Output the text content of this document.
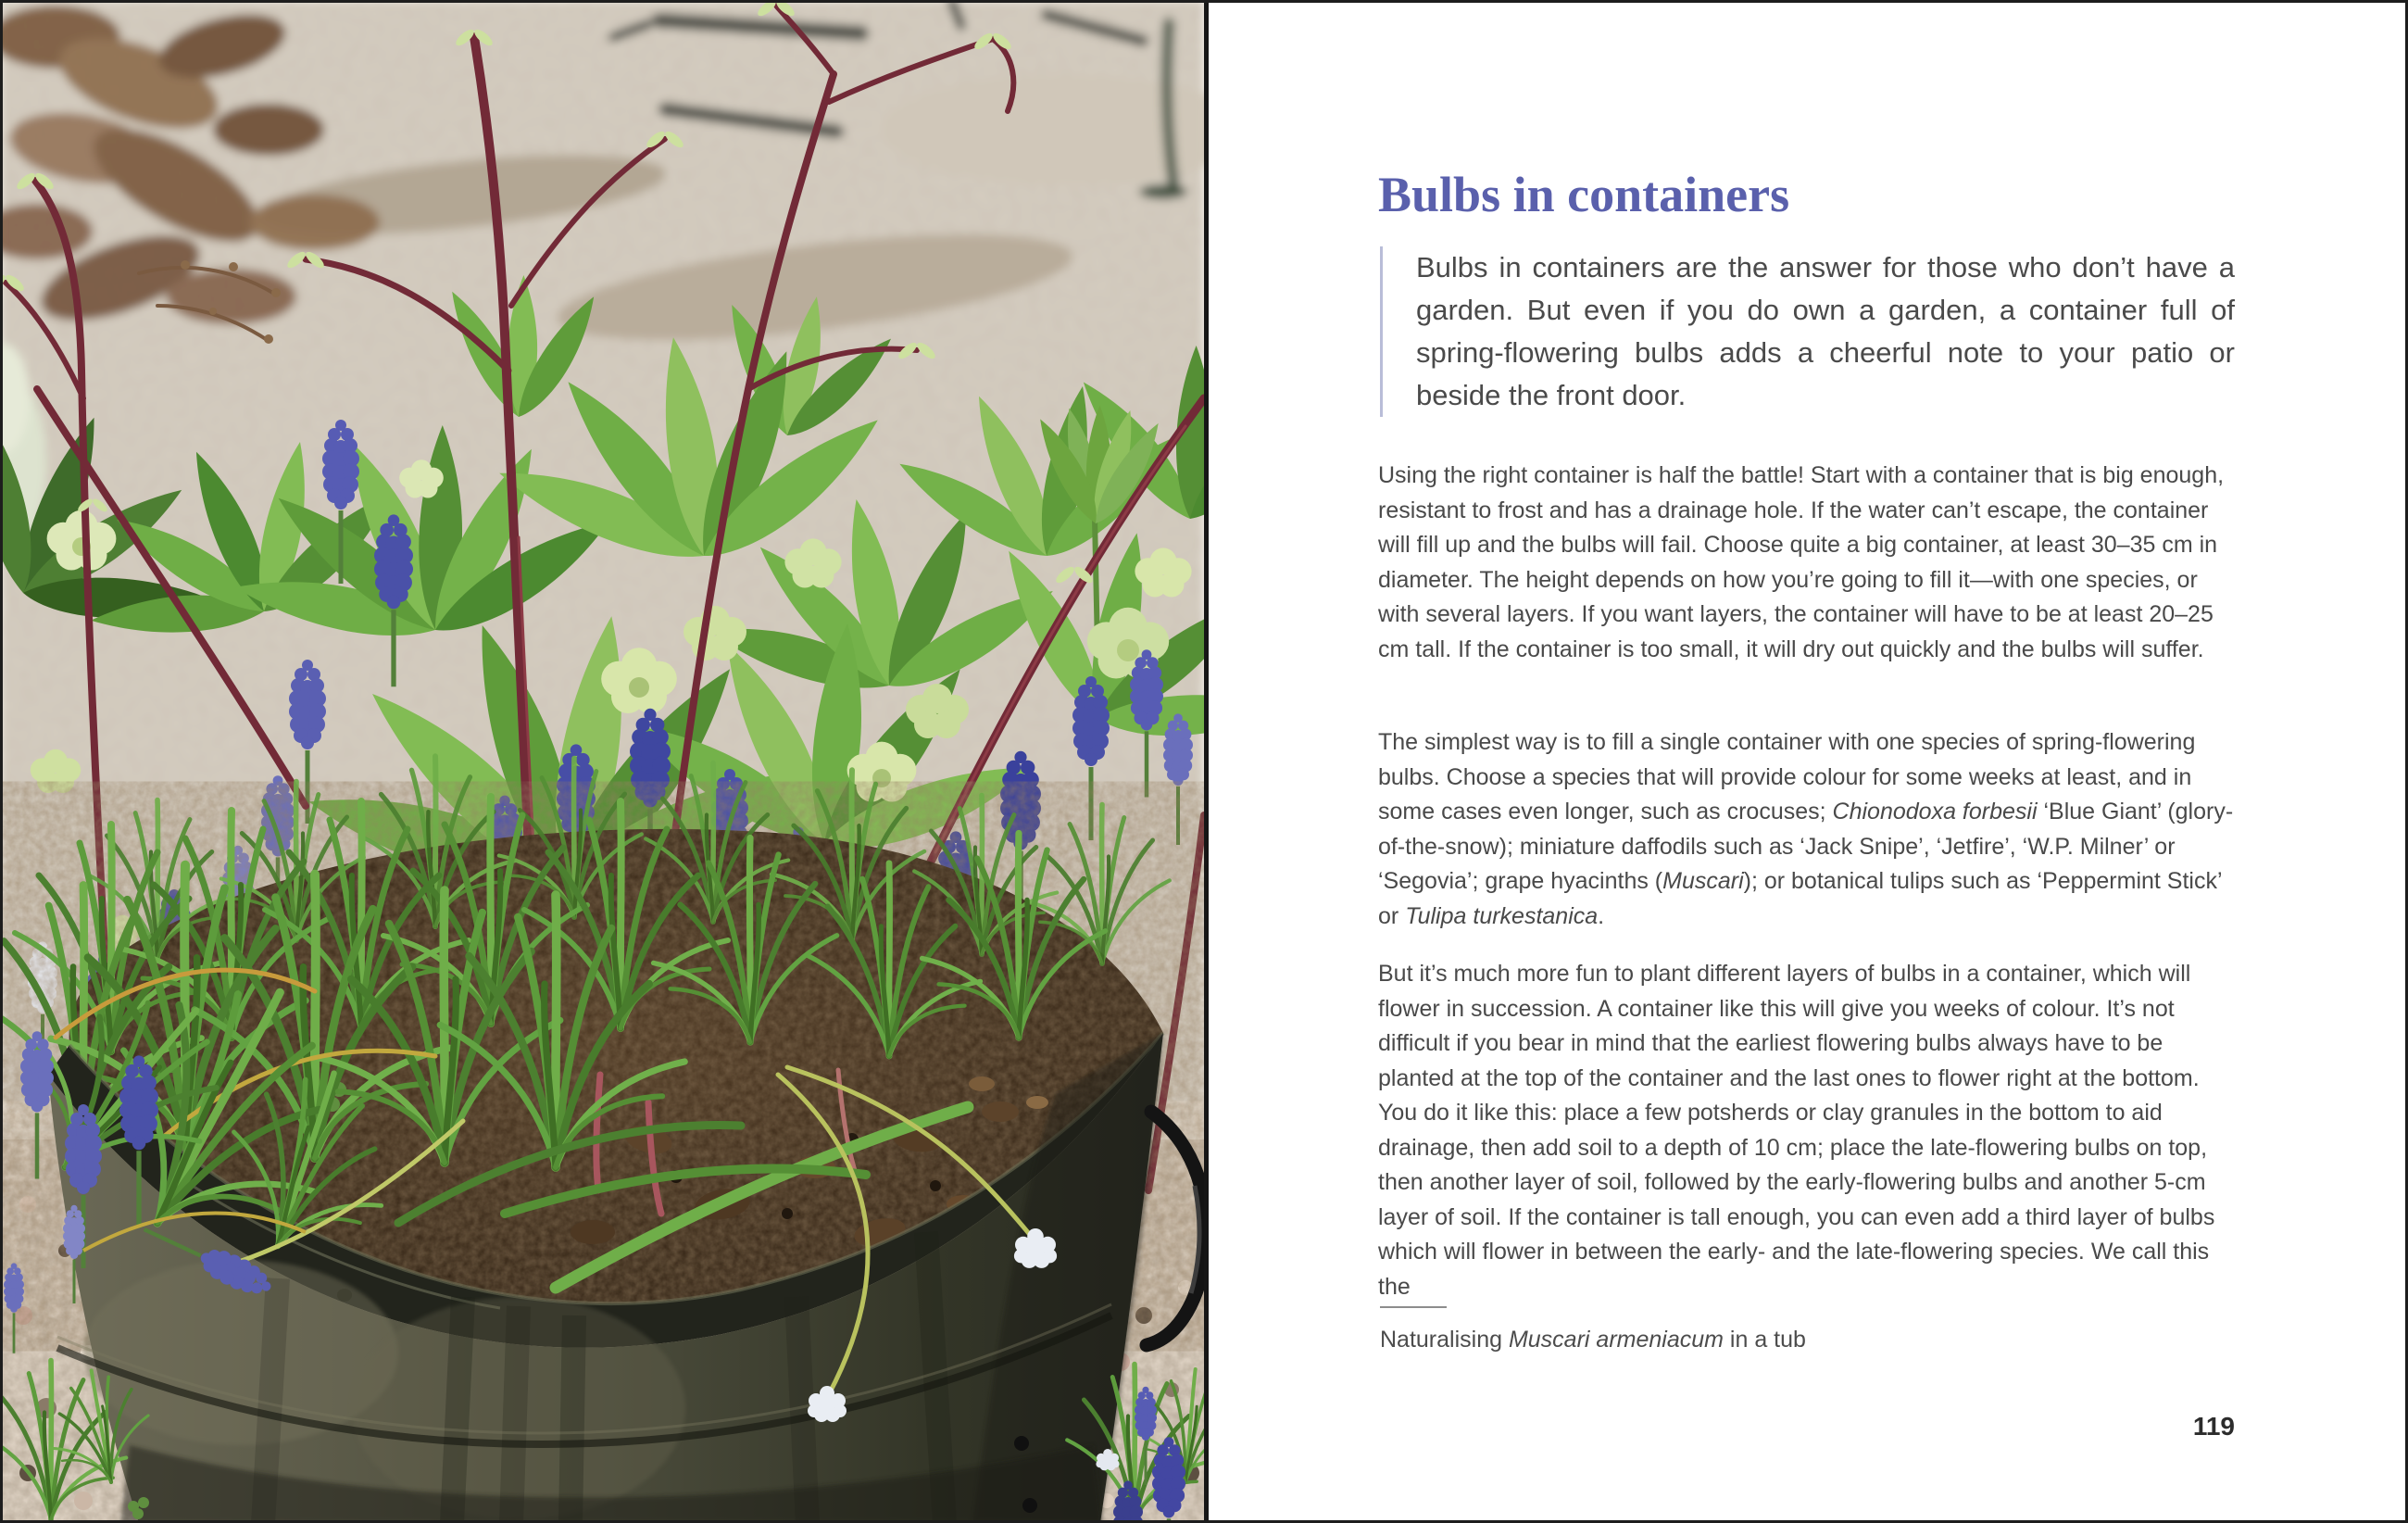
Bulbs in containers
Bulbs in containers are the answer for those who don’t have a garden. But even if you do own a garden, a container full of spring-flowering bulbs adds a cheerful note to your patio or beside the front door.

Using the right container is half the battle! Start with a container that is big enough, resistant to frost and has a drainage hole. If the water can’t escape, the container will fill up and the bulbs will fail. Choose quite a big container, at least 30–35 cm in diameter. The height depends on how you’re going to fill it—with one species, or with several layers. If you want layers, the container will have to be at least 20–25 cm tall. If the container is too small, it will dry out quickly and the bulbs will suffer.

The simplest way is to fill a single container with one species of spring-flowering bulbs. Choose a species that will provide colour for some weeks at least, and in some cases even longer, such as crocuses; Chionodoxa forbesii ‘Blue Giant’ (glory-of-the-snow); miniature daffodils such as ‘Jack Snipe’, ‘Jetfire’, ‘W.P. Milner’ or ‘Segovia’; grape hyacinths (Muscari); or botanical tulips such as ‘Peppermint Stick’ or Tulipa turkestanica.

But it’s much more fun to plant different layers of bulbs in a container, which will flower in succession. A container like this will give you weeks of colour. It’s not difficult if you bear in mind that the earliest flowering bulbs always have to be planted at the top of the container and the last ones to flower right at the bottom. You do it like this: place a few potsherds or clay granules in the bottom to aid drainage, then add soil to a depth of 10 cm; place the late-flowering bulbs on top, then another layer of soil, followed by the early-flowering bulbs and another 5-cm layer of soil. If the container is tall enough, you can even add a third layer of bulbs which will flower in between the early- and the late-flowering species. We call this the

Naturalising Muscari armeniacum in a tub
119
